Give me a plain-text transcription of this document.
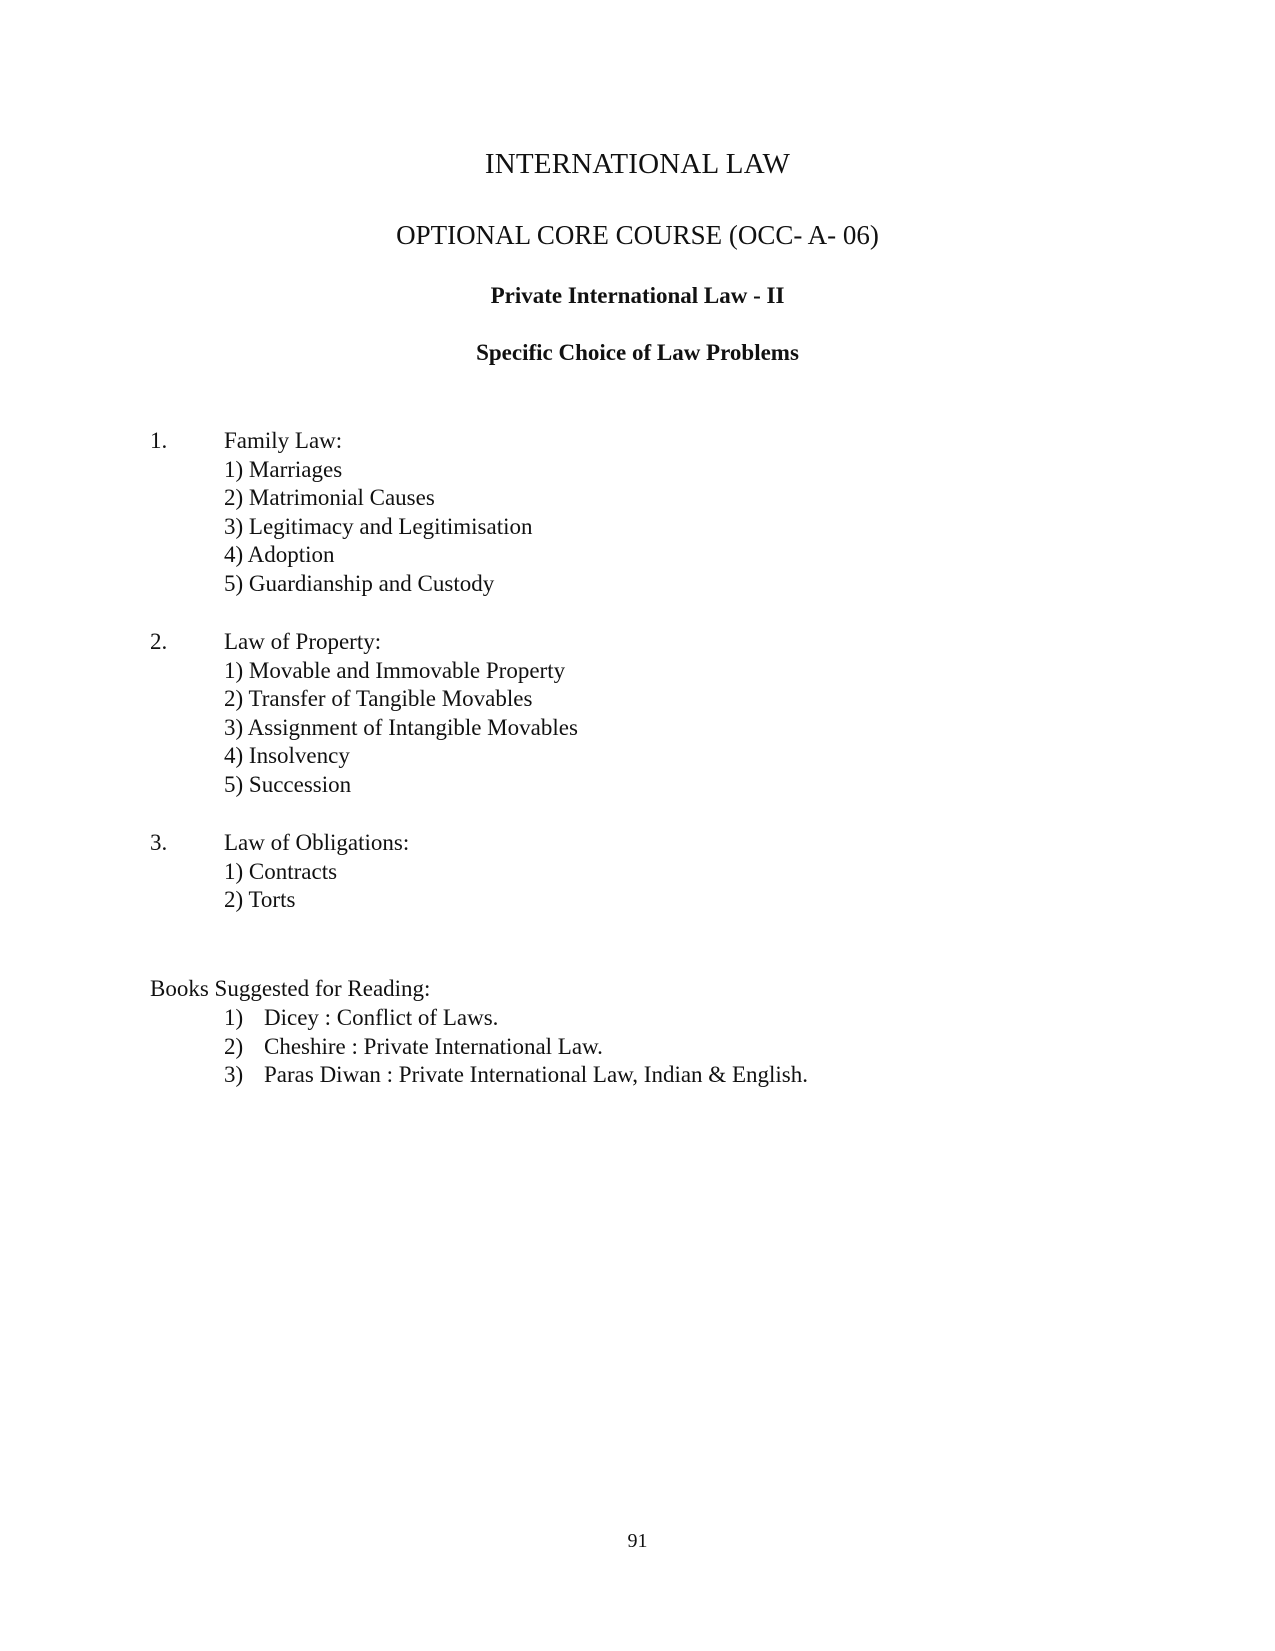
INTERNATIONAL LAW
OPTIONAL CORE COURSE (OCC- A- 06)
Private International Law - II
Specific Choice of Law Problems
1. Family Law:
1) Marriages
2) Matrimonial Causes
3) Legitimacy and Legitimisation
4) Adoption
5) Guardianship and Custody
2. Law of Property:
1) Movable and Immovable Property
2) Transfer of Tangible Movables
3) Assignment of Intangible Movables
4) Insolvency
5) Succession
3. Law of Obligations:
1) Contracts
2) Torts
Books Suggested for Reading:
1) Dicey : Conflict of Laws.
2) Cheshire : Private International Law.
3) Paras Diwan : Private International Law, Indian & English.
91
